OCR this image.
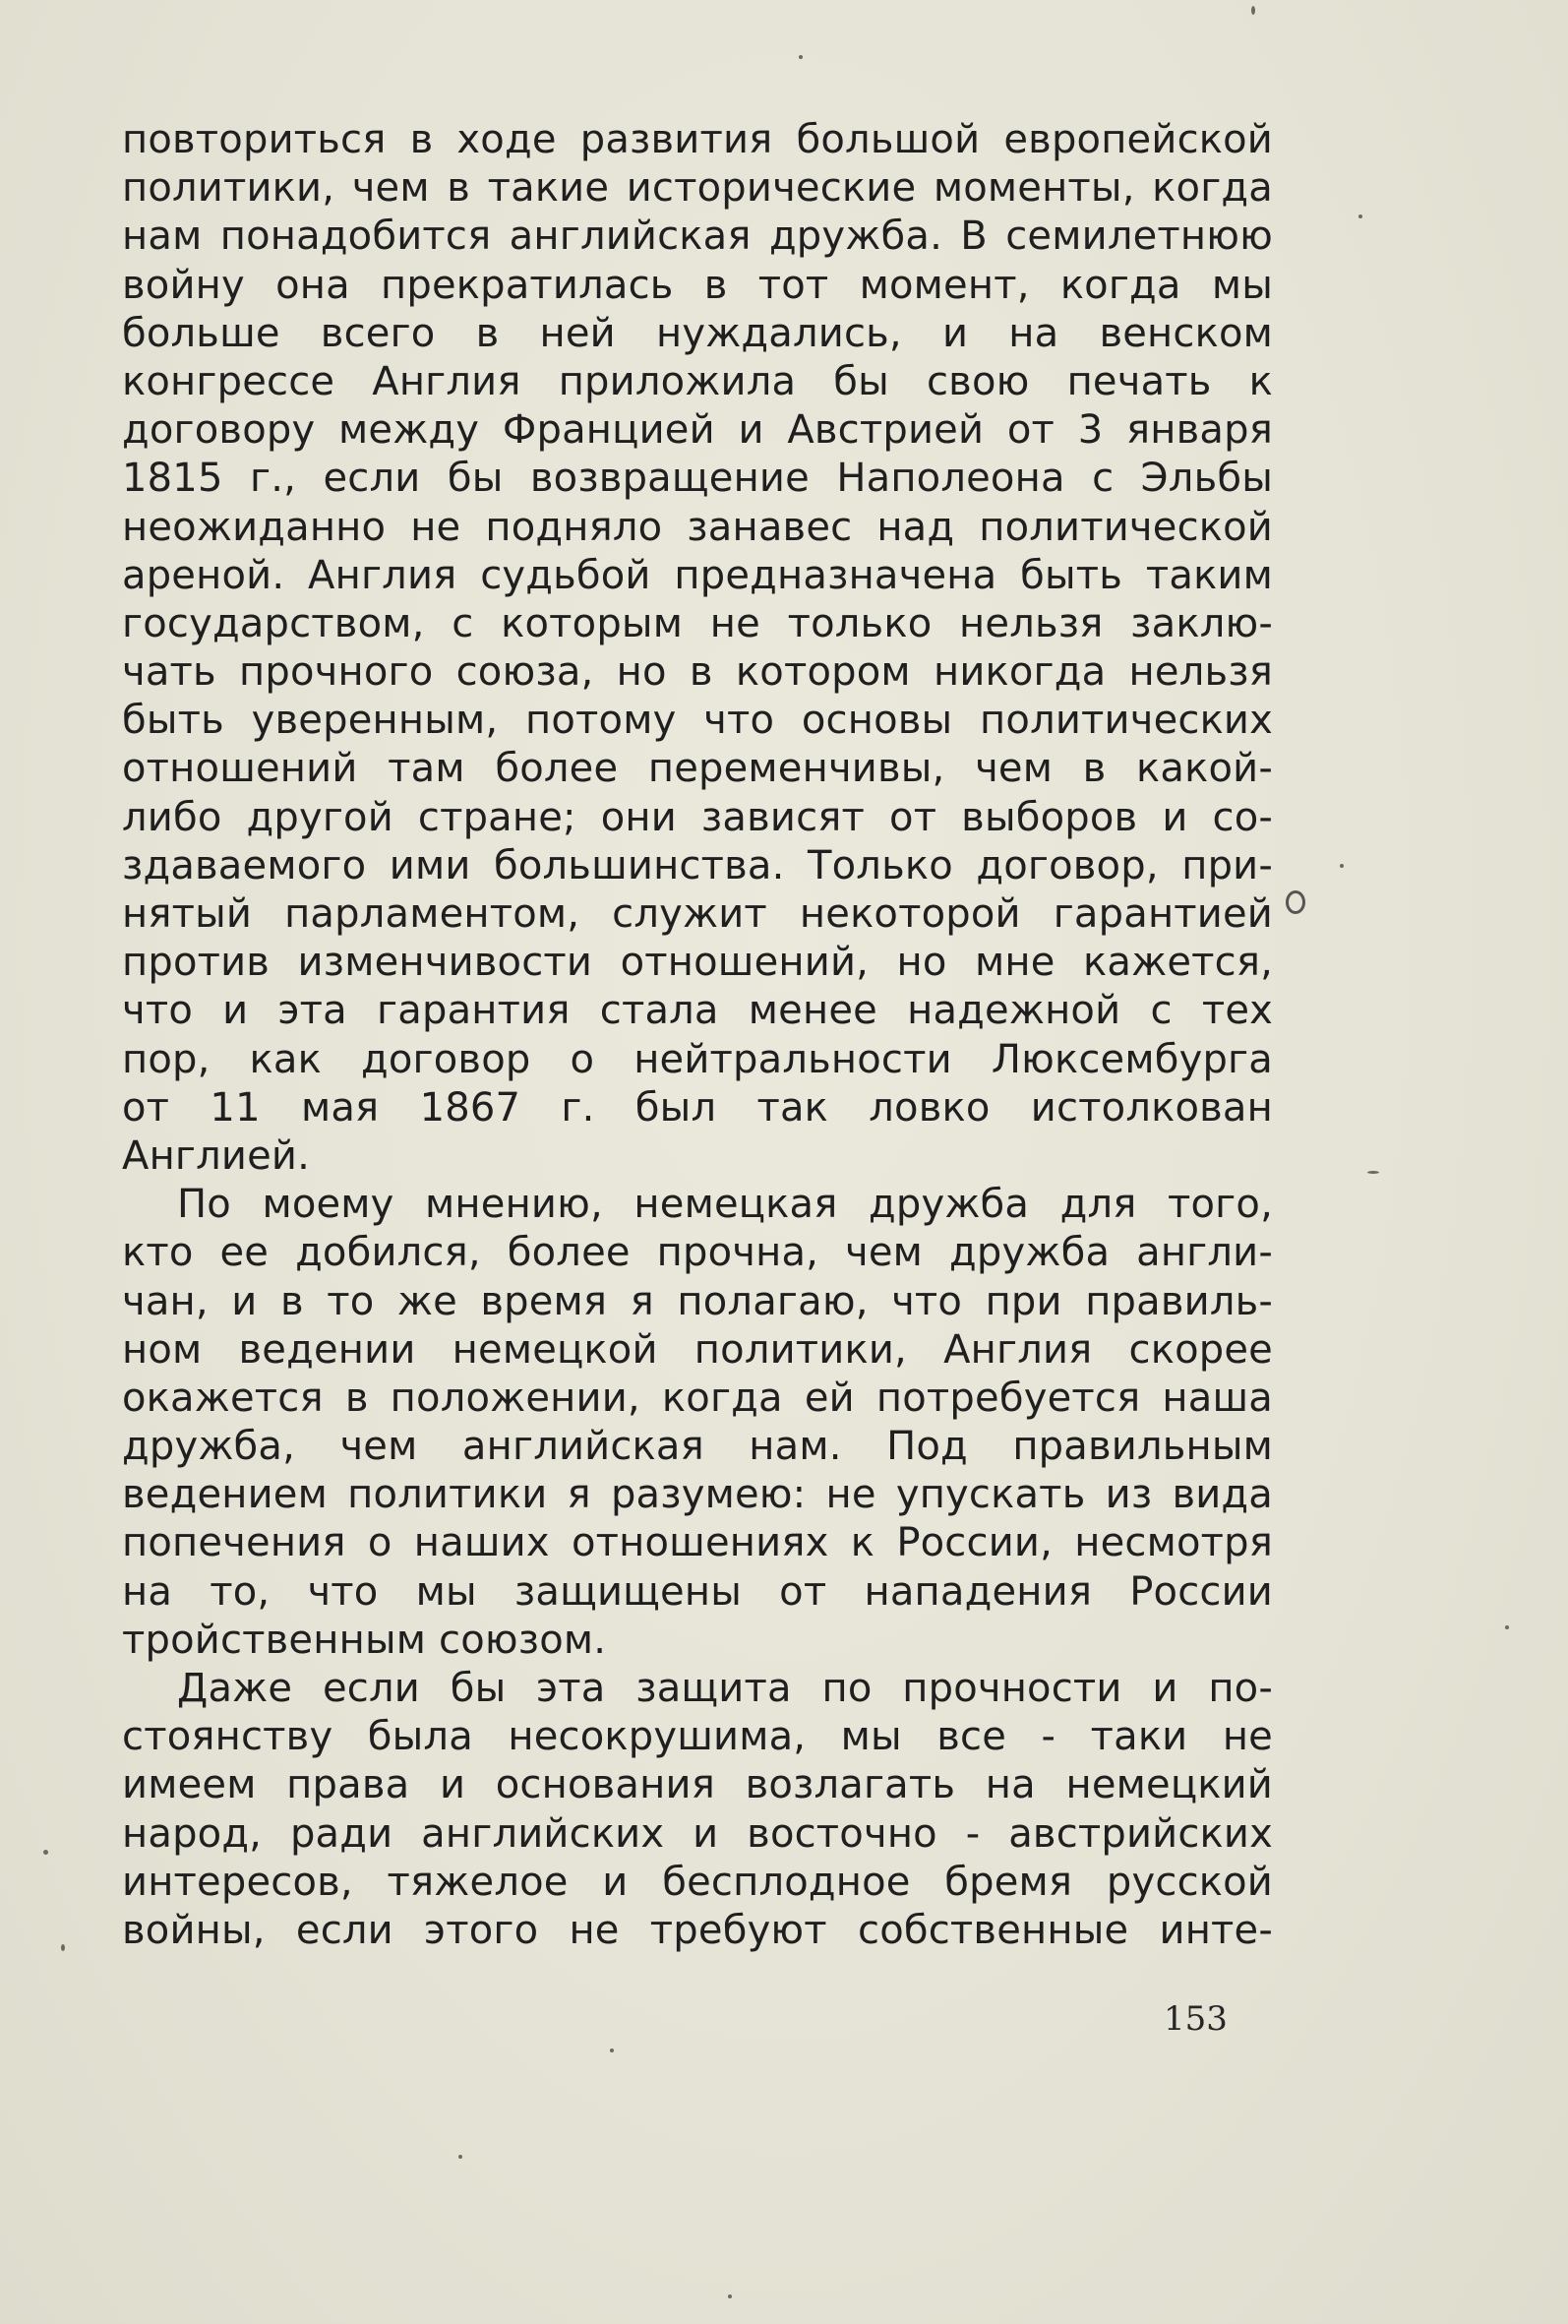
повториться в ходе развития большой европейской
политики, чем в такие исторические моменты, когда
нам понадобится английская дружба. В семилетнюю
войну она прекратилась в тот момент, когда мы
больше всего в ней нуждались, и на венском
конгрессе Англия приложила бы свою печать к
договору между Францией и Австрией от 3 января
1815 г., если бы возвращение Наполеона с Эльбы
неожиданно не подняло занавес над политической
ареной. Англия судьбой предназначена быть таким
государством, с которым не только нельзя заклю-
чать прочного союза, но в котором никогда нельзя
быть уверенным, потому что основы политических
отношений там более переменчивы, чем в какой-
либо другой стране; они зависят от выборов и со-
здаваемого ими большинства. Только договор, при-
нятый парламентом, служит некоторой гарантией
против изменчивости отношений, но мне кажется,
что и эта гарантия стала менее надежной с тех
пор, как договор о нейтральности Люксембурга
от 11 мая 1867 г. был так ловко истолкован
Англией.
По моему мнению, немецкая дружба для того,
кто ее добился, более прочна, чем дружба англи-
чан, и в то же время я полагаю, что при правиль-
ном ведении немецкой политики, Англия скорее
окажется в положении, когда ей потребуется наша
дружба, чем английская нам. Под правильным
ведением политики я разумею: не упускать из вида
попечения о наших отношениях к России, несмотря
на то, что мы защищены от нападения России
тройственным союзом.
Даже если бы эта защита по прочности и по-
стоянству была несокрушима, мы все - таки не
имеем права и основания возлагать на немецкий
народ, ради английских и восточно - австрийских
интересов, тяжелое и бесплодное бремя русской
войны, если этого не требуют собственные инте-
153
